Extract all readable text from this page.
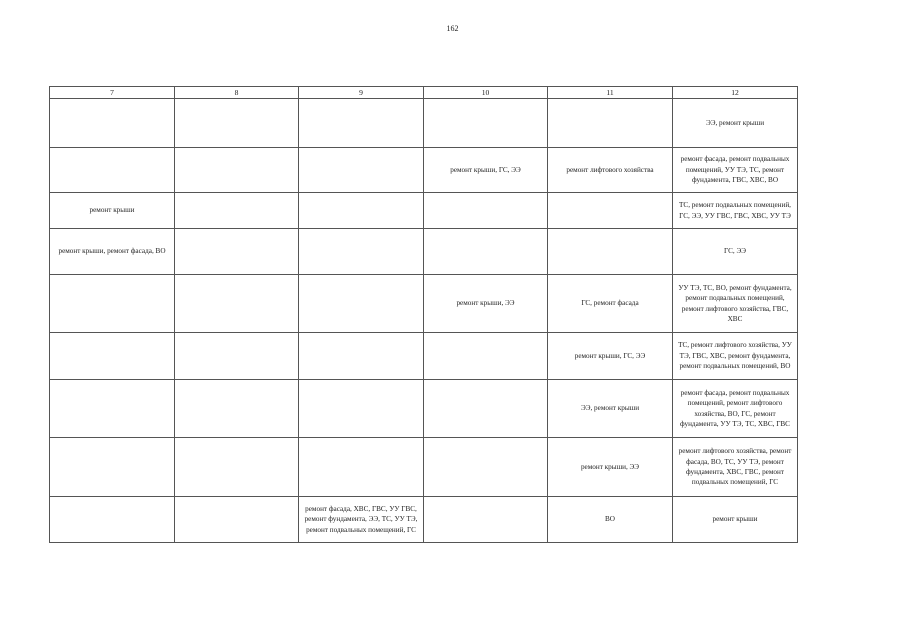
162
7	8	9	10	11	12
					ЭЭ, ремонт крыши
			ремонт крыши, ГС, ЭЭ	ремонт лифтового хозяйства	ремонт фасада, ремонт подвальных помещений, УУ ТЭ, ТС, ремонт фундамента, ГВС, ХВС, ВО
ремонт крыши					ТС, ремонт подвальных помещений, ГС, ЭЭ, УУ ГВС, ГВС, ХВС, УУ ТЭ
ремонт крыши, ремонт фасада, ВО					ГС, ЭЭ
			ремонт крыши, ЭЭ	ГС, ремонт фасада	УУ ТЭ, ТС, ВО, ремонт фундамента, ремонт подвальных помещений, ремонт лифтового хозяйства, ГВС, ХВС
				ремонт крыши, ГС, ЭЭ	ТС, ремонт лифтового хозяйства, УУ ТЭ, ГВС, ХВС, ремонт фундамента, ремонт подвальных помещений, ВО
				ЭЭ, ремонт крыши	ремонт фасада, ремонт подвальных помещений, ремонт лифтового хозяйства, ВО, ГС, ремонт фундамента, УУ ТЭ, ТС, ХВС, ГВС
				ремонт крыши, ЭЭ	ремонт лифтового хозяйства, ремонт фасада, ВО, ТС, УУ ТЭ, ремонт фундамента, ХВС, ГВС, ремонт подвальных помещений, ГС
		ремонт фасада, ХВС, ГВС, УУ ГВС, ремонт фундамента, ЭЭ, ТС, УУ ТЭ, ремонт подвальных помещений, ГС		ВО	ремонт крыши
